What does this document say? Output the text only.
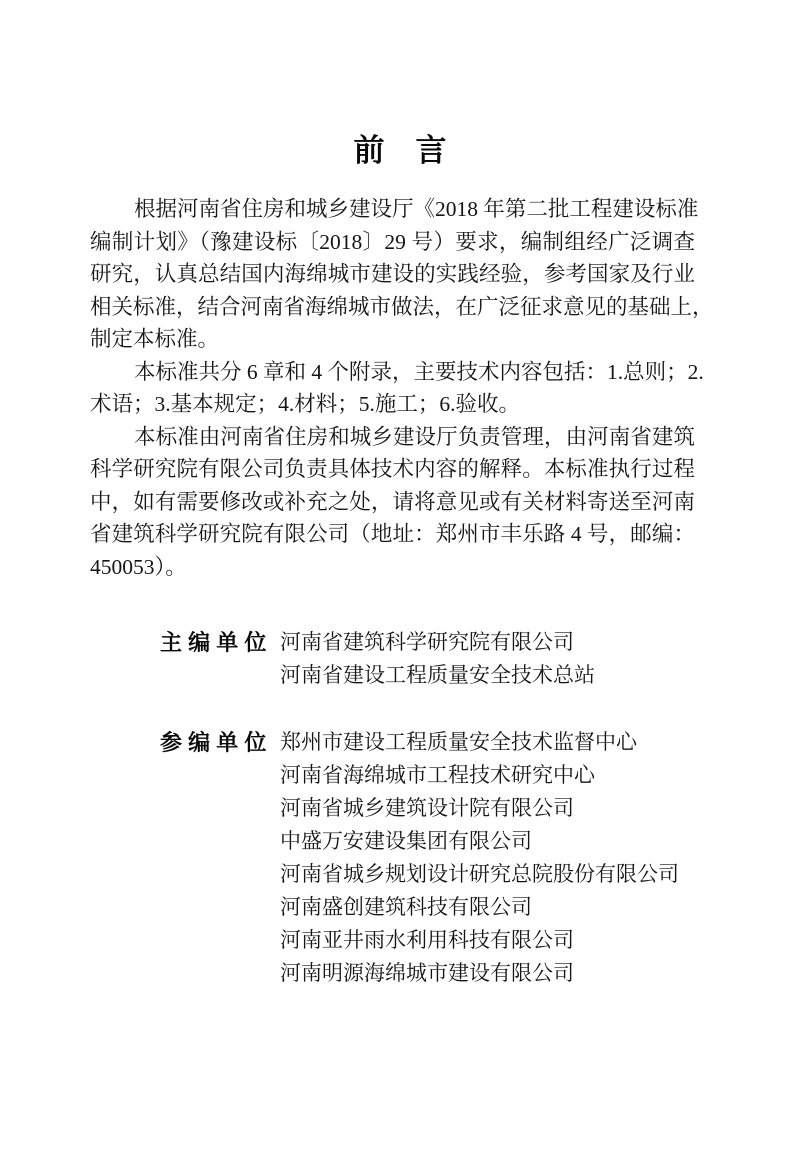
前　言
根据河南省住房和城乡建设厅《2018 年第二批工程建设标准
编制计划》（豫建设标〔2018〕29 号）要求，编制组经广泛调查
研究，认真总结国内海绵城市建设的实践经验，参考国家及行业
相关标准，结合河南省海绵城市做法，在广泛征求意见的基础上，
制定本标准。
本标准共分 6 章和 4 个附录，主要技术内容包括：1.总则；2.
术语；3.基本规定；4.材料；5.施工；6.验收。
本标准由河南省住房和城乡建设厅负责管理，由河南省建筑
科学研究院有限公司负责具体技术内容的解释。本标准执行过程
中，如有需要修改或补充之处，请将意见或有关材料寄送至河南
省建筑科学研究院有限公司（地址：郑州市丰乐路 4 号，邮编：
450053）。
主 编 单 位 河南省建筑科学研究院有限公司
河南省建设工程质量安全技术总站
参 编 单 位 郑州市建设工程质量安全技术监督中心
河南省海绵城市工程技术研究中心
河南省城乡建筑设计院有限公司
中盛万安建设集团有限公司
河南省城乡规划设计研究总院股份有限公司
河南盛创建筑科技有限公司
河南亚井雨水利用科技有限公司
河南明源海绵城市建设有限公司
